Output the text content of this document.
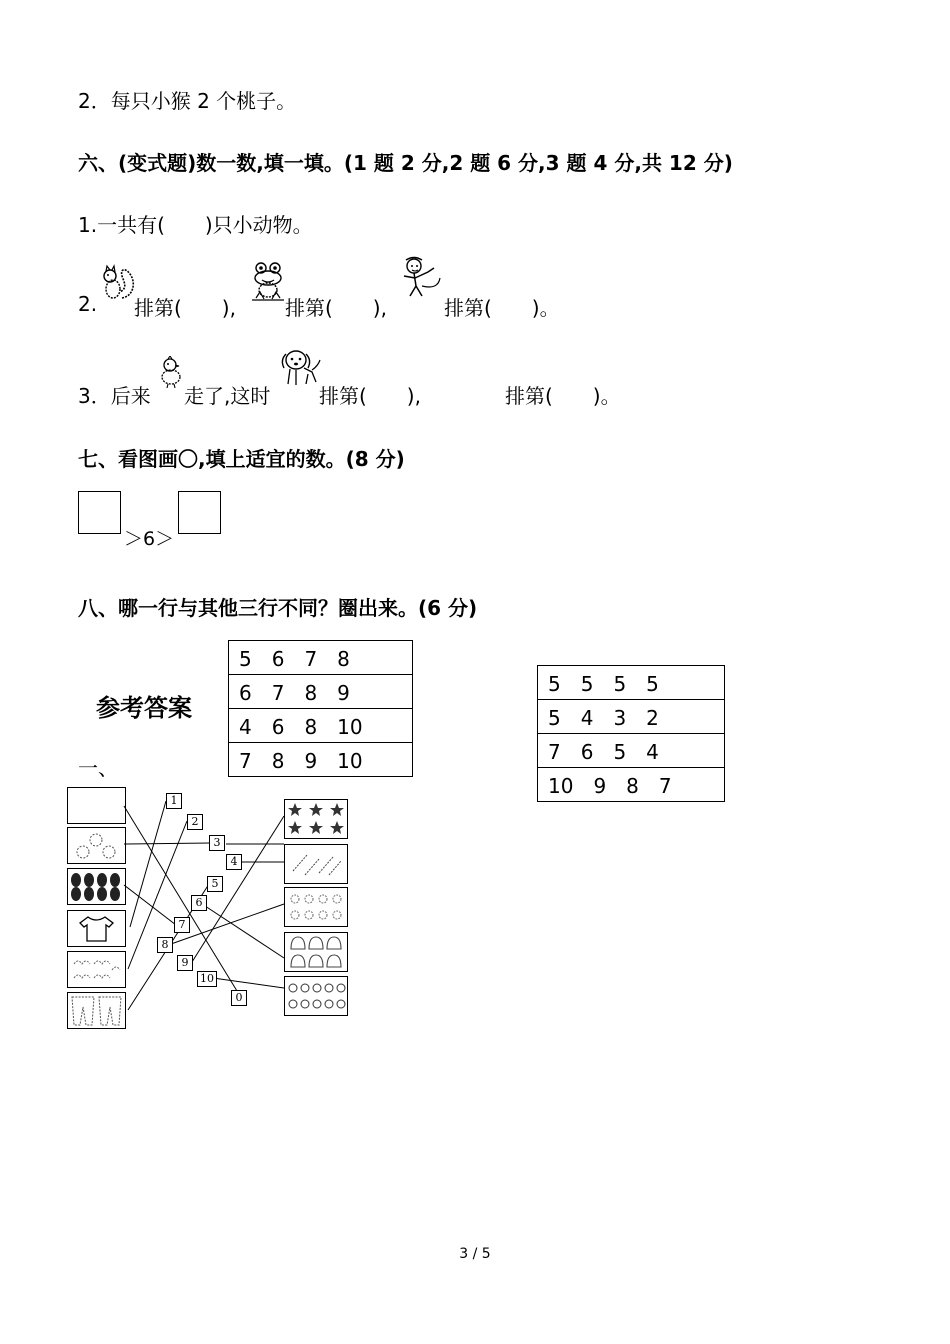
2．每只小猴 2 个桃子。
六、(变式题)数一数,填一填。(1 题 2 分,2 题 6 分,3 题 4 分,共 12 分)
1.一共有(　　)只小动物。
2. 排第(　　), 排第(　　),	排第(　　)。
3．后来 走了,这时 排第(　　),	排第(　　)。
七、看图画〇,填上适宜的数。(8 分)
＞6＞
八、哪一行与其他三行不同？圈出来。(6 分)
5　6　7　8
6　7　8　9
4　6　8　10
7　8　9　10
5　5　5　5
5　4　3　2
7　6　5　4
10　9　8　7
参考答案
一、
1
2
3
4
5
6
7
8
9
10
0
3 / 5
